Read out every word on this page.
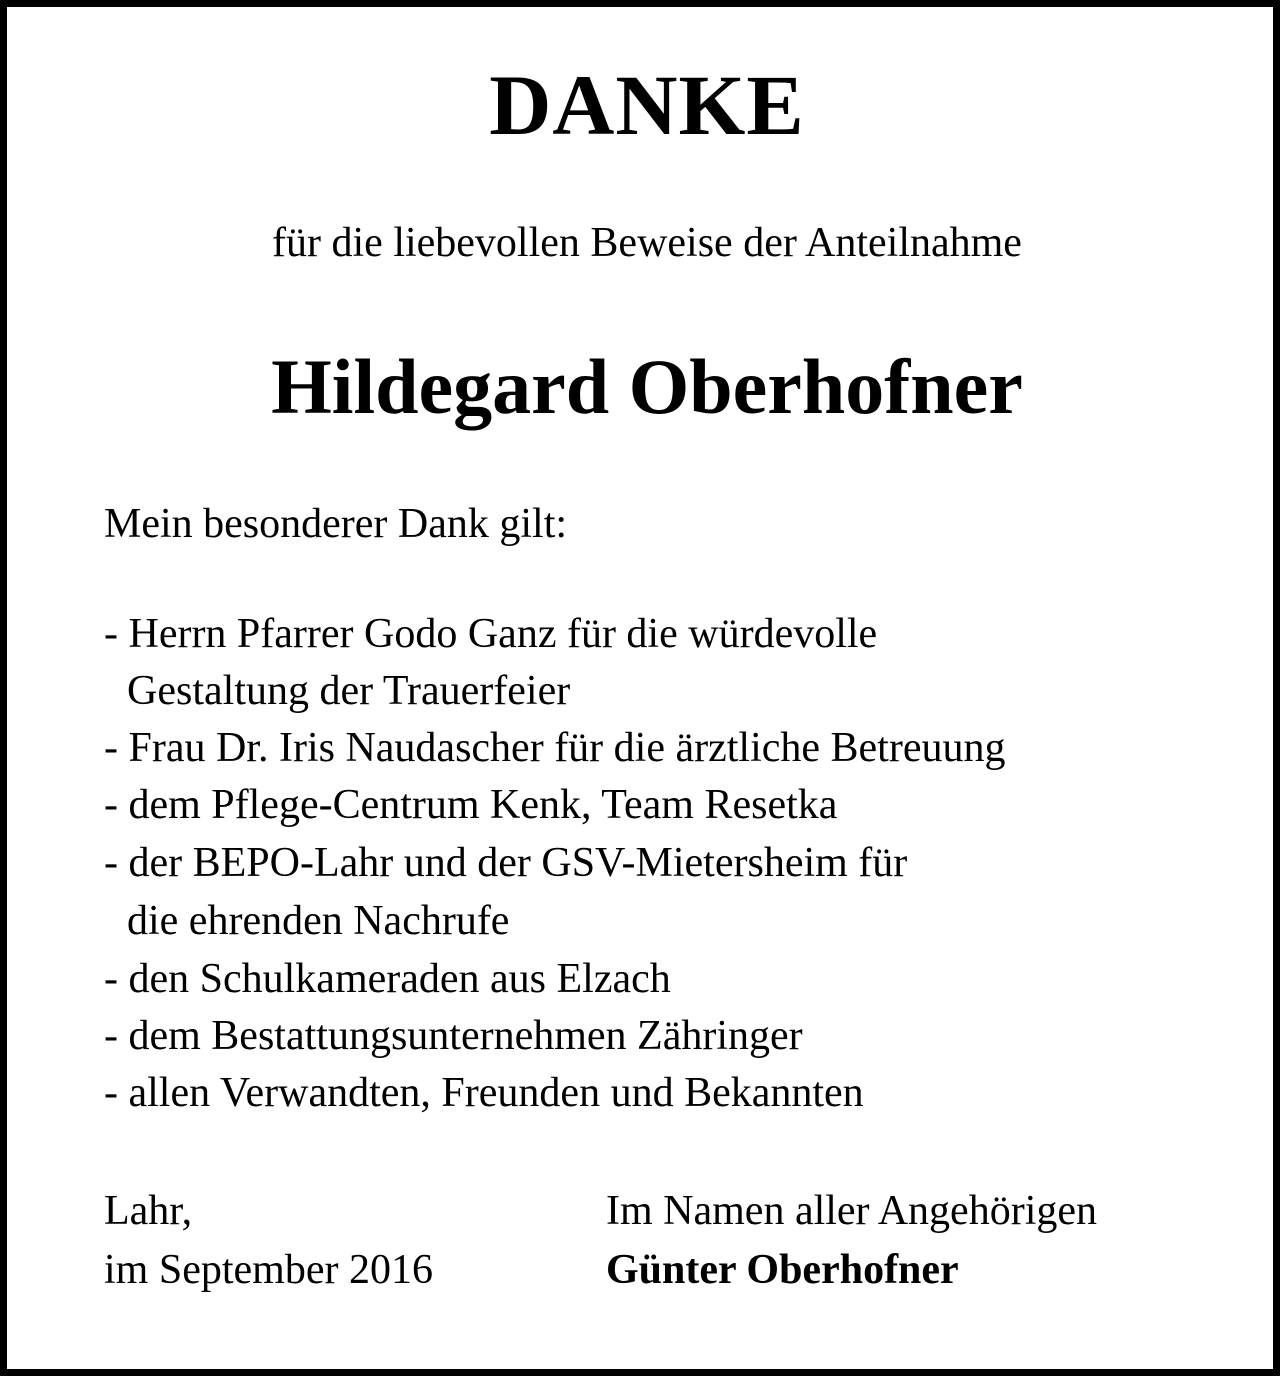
DANKE
für die liebevollen Beweise der Anteilnahme
Hildegard Oberhofner
Mein besonderer Dank gilt:
- Herrn Pfarrer Godo Ganz für die würdevolle
Gestaltung der Trauerfeier
- Frau Dr. Iris Naudascher für die ärztliche Betreuung
- dem Pflege-Centrum Kenk, Team Resetka
- der BEPO-Lahr und der GSV-Mietersheim für
die ehrenden Nachrufe
- den Schulkameraden aus Elzach
- dem Bestattungsunternehmen Zähringer
- allen Verwandten, Freunden und Bekannten
Lahr,
im September 2016
Im Namen aller Angehörigen
Günter Oberhofner
